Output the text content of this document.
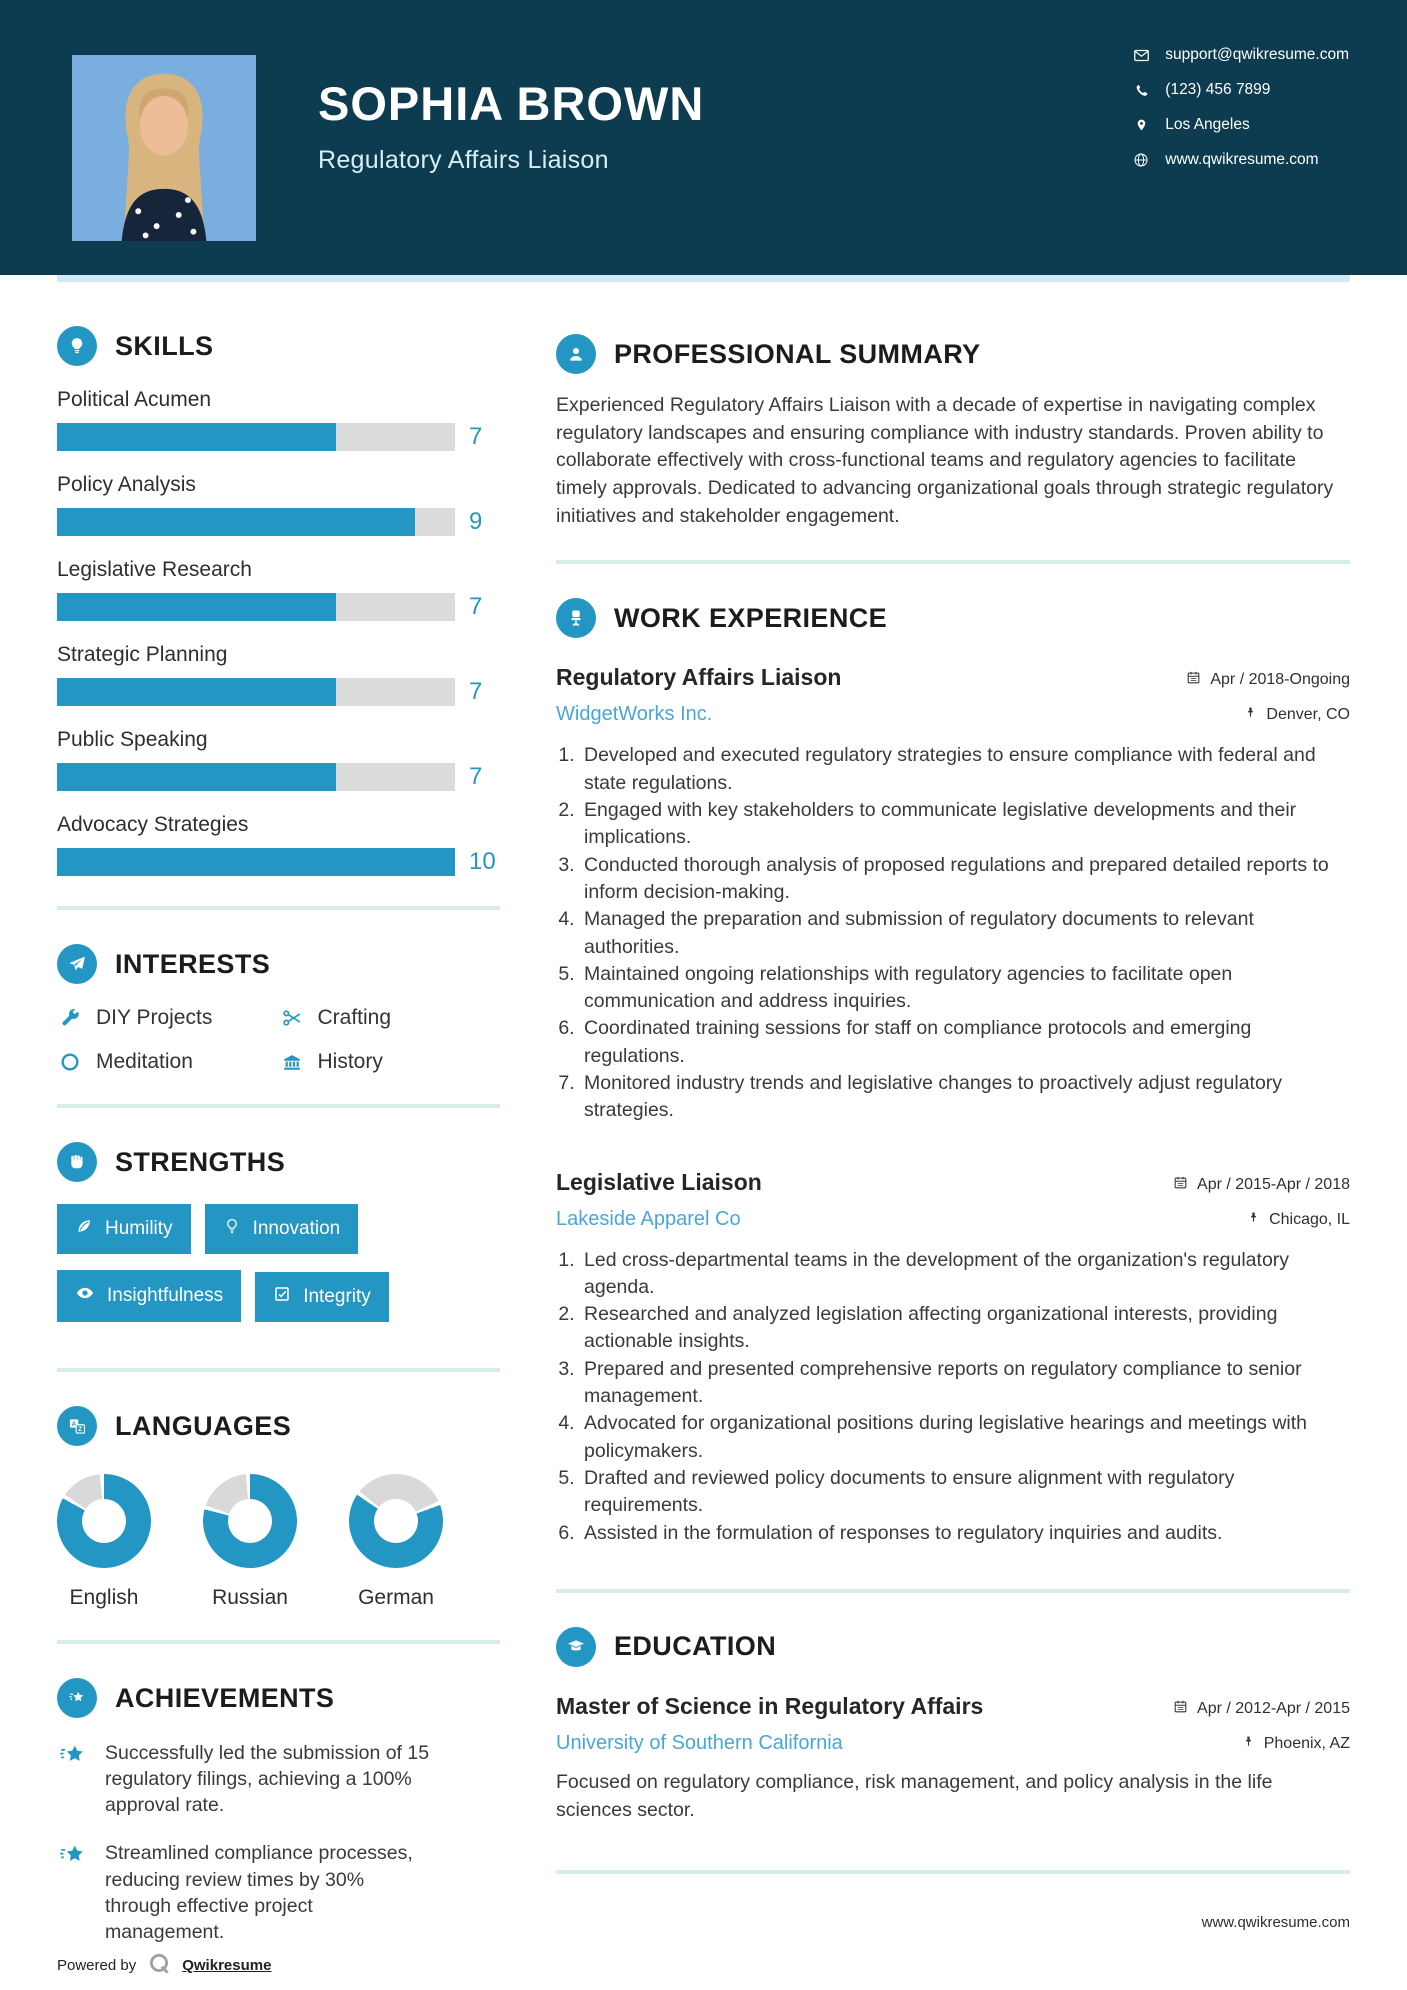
SOPHIA BROWN
Regulatory Affairs Liaison
support@qwikresume.com
(123) 456 7899
Los Angeles
www.qwikresume.com
SKILLS
Political Acumen
7
Policy Analysis
9
Legislative Research
7
Strategic Planning
7
Public Speaking
7
Advocacy Strategies
10
INTERESTS
DIY Projects	Crafting
Meditation	History
STRENGTHS
Humility	Innovation

Insightfulness	Integrity
A
Z LANGUAGES
English	Russian	German
ACHIEVEMENTS

Successfully led the submission of 15 regulatory filings, achieving a 100% approval rate.

Streamlined compliance processes, reducing review times by 30% through effective project management.

Powered by	Qwikresume
PROFESSIONAL SUMMARY

Experienced Regulatory Affairs Liaison with a decade of expertise in navigating complex regulatory landscapes and ensuring compliance with industry standards. Proven ability to collaborate effectively with cross-functional teams and regulatory agencies to facilitate timely approvals. Dedicated to advancing organizational goals through strategic regulatory initiatives and stakeholder engagement.

WORK EXPERIENCE
Regulatory Affairs Liaison	Apr / 2018-Ongoing
WidgetWorks Inc.	Denver, CO
1. Developed and executed regulatory strategies to ensure compliance with federal and state regulations.
2. Engaged with key stakeholders to communicate legislative developments and their implications.
3. Conducted thorough analysis of proposed regulations and prepared detailed reports to inform decision-making.
4. Managed the preparation and submission of regulatory documents to relevant authorities.
5. Maintained ongoing relationships with regulatory agencies to facilitate open communication and address inquiries.
6. Coordinated training sessions for staff on compliance protocols and emerging regulations.
7. Monitored industry trends and legislative changes to proactively adjust regulatory strategies.
Legislative Liaison	Apr / 2015-Apr / 2018
Lakeside Apparel Co	Chicago, IL
1. Led cross-departmental teams in the development of the organization's regulatory agenda.
2. Researched and analyzed legislation affecting organizational interests, providing actionable insights.
3. Prepared and presented comprehensive reports on regulatory compliance to senior management.
4. Advocated for organizational positions during legislative hearings and meetings with policymakers.
5. Drafted and reviewed policy documents to ensure alignment with regulatory requirements.
6. Assisted in the formulation of responses to regulatory inquiries and audits.
EDUCATION
Master of Science in Regulatory Affairs	Apr / 2012-Apr / 2015
University of Southern California	Phoenix, AZ

Focused on regulatory compliance, risk management, and policy analysis in the life sciences sector.

www.qwikresume.com
